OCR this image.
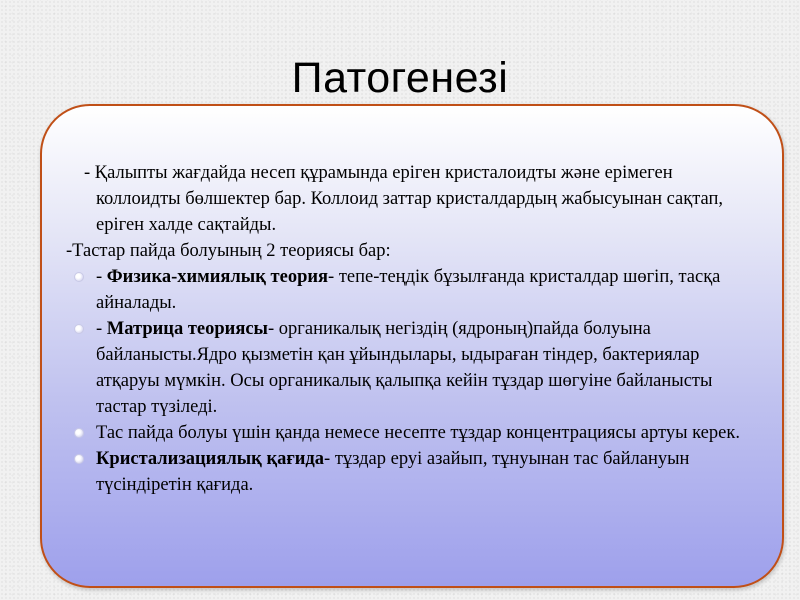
Патогенезі

- Қалыпты жағдайда несеп құрамында еріген кристалоидты және ерімеген коллоидты бөлшектер бар. Коллоид заттар кристалдардың жабысуынан сақтап, еріген халде сақтайды.

-Тастар пайда болуының 2 теориясы бар:

- Физика-химиялық теория- тепе-теңдік бұзылғанда кристалдар шөгіп, тасқа айналады.

- Матрица теориясы- органикалық негіздің (ядроның)пайда болуына байланысты.Ядро қызметін қан ұйындылары, ыдыраған тіндер, бактериялар атқаруы мүмкін. Осы органикалық қалыпқа кейін тұздар шөгуіне байланысты тастар түзіледі.

Тас пайда болуы үшін қанда немесе несепте тұздар концентрациясы артуы керек.

Кристализациялық қағида- тұздар еруі азайып, тұнуынан тас байлануын түсіндіретін қағида.
